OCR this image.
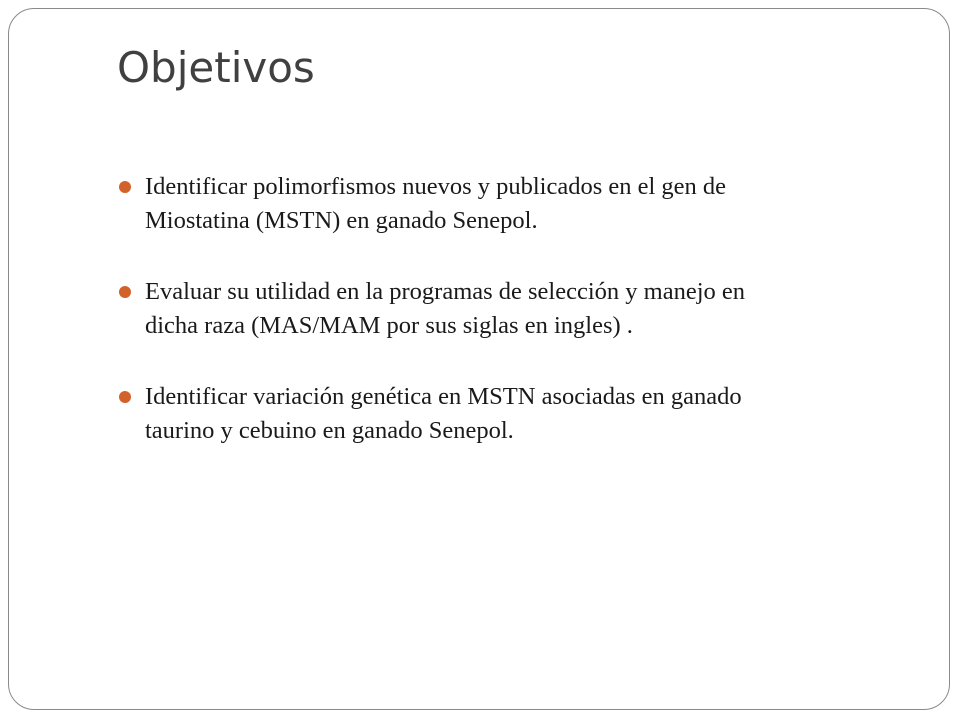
Objetivos
Identificar polimorfismos nuevos y publicados en el gen de
Miostatina (MSTN) en ganado Senepol.
Evaluar su utilidad en la programas de selección y manejo en
dicha raza (MAS/MAM por sus siglas en ingles) .
Identificar variación genética en MSTN asociadas en ganado
taurino y cebuino en ganado Senepol.
